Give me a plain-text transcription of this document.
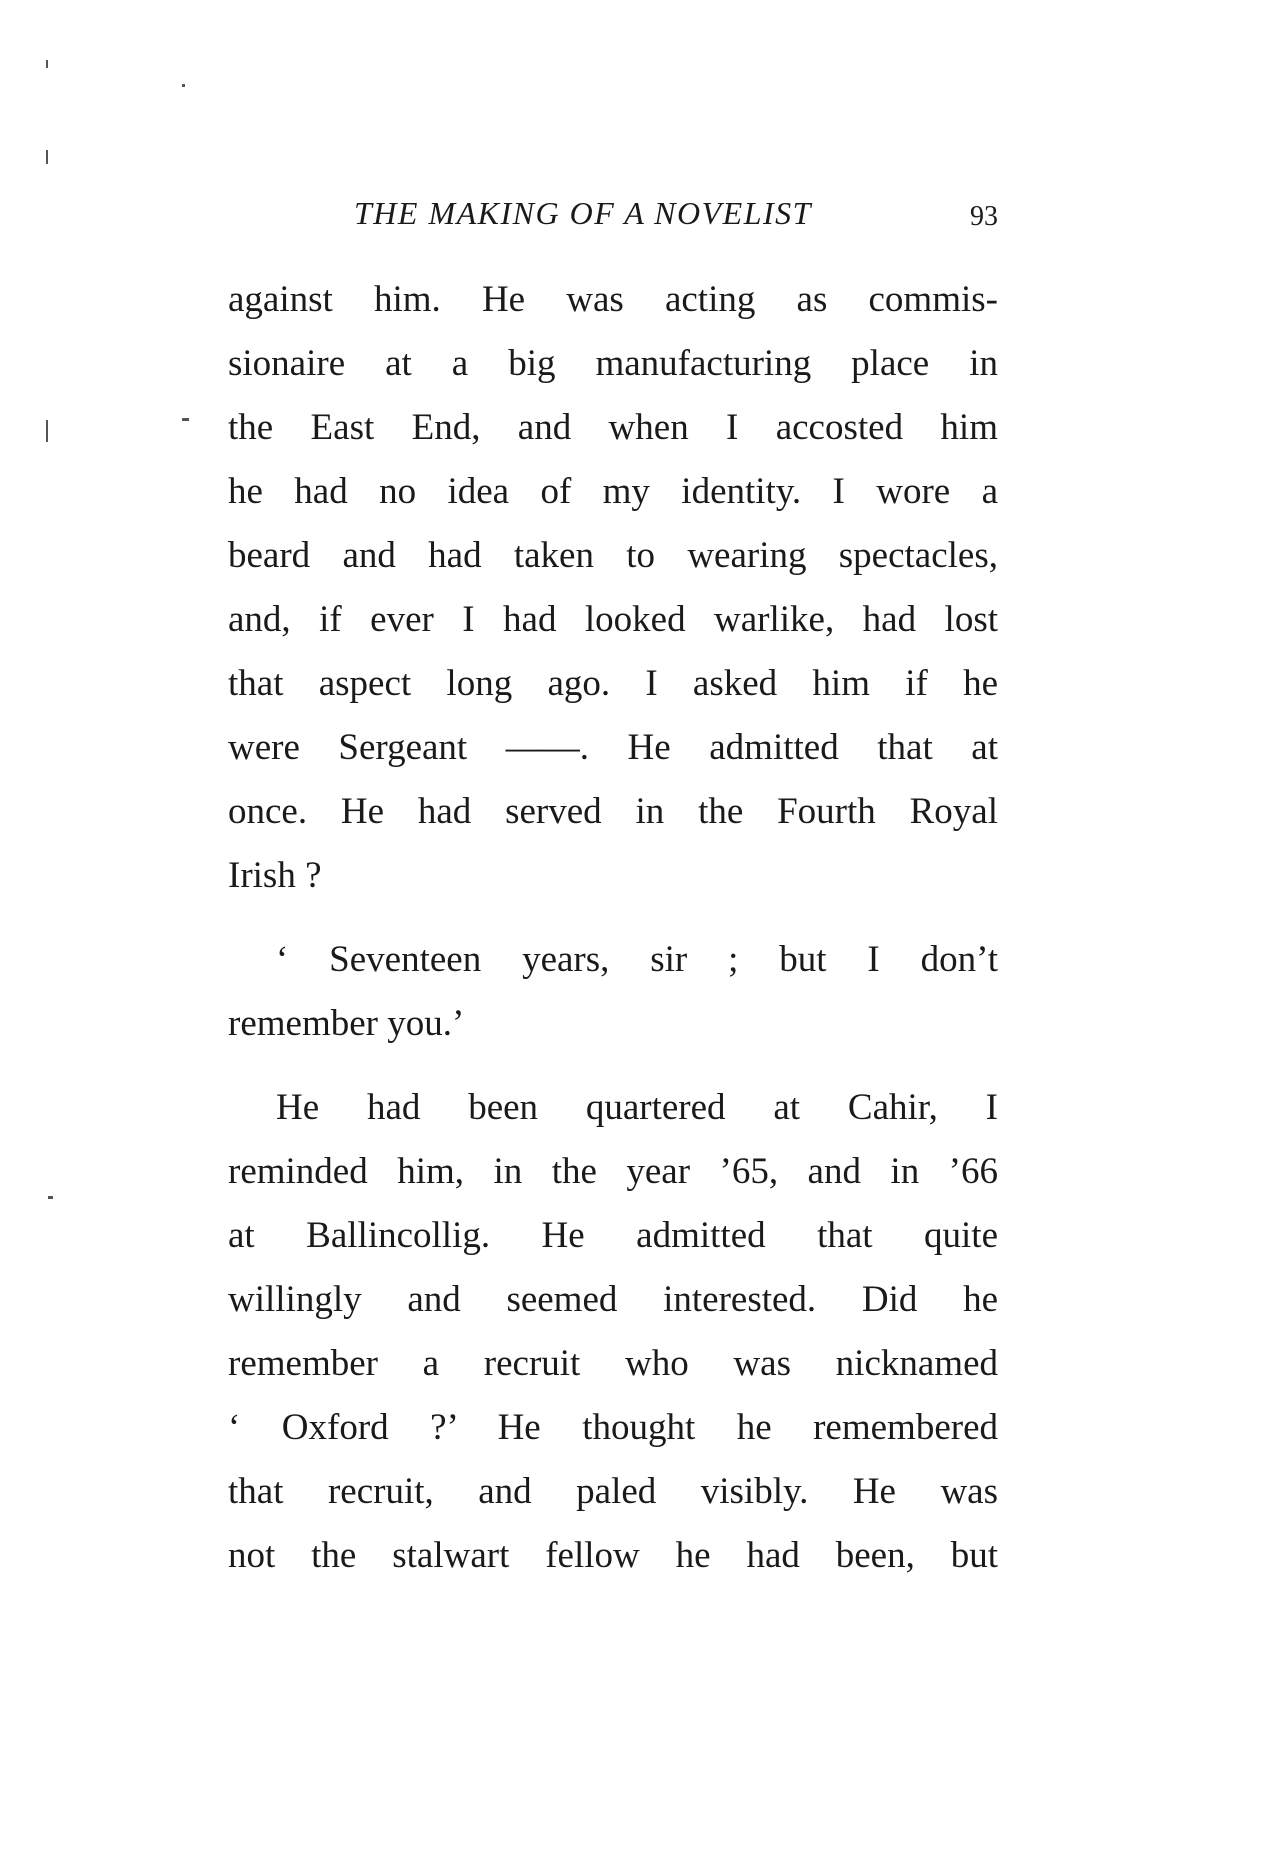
THE MAKING OF A NOVELIST	93
against him. He was acting as commis-
sionaire at a big manufacturing place in
the East End, and when I accosted him
he had no idea of my identity. I wore a
beard and had taken to wearing spectacles,
and, if ever I had looked warlike, had lost
that aspect long ago. I asked him if he
were Sergeant ——. He admitted that at
once. He had served in the Fourth Royal
Irish ?
‘ Seventeen years, sir ; but I don’t
remember you.’
He had been quartered at Cahir, I
reminded him, in the year ’65, and in ’66
at Ballincollig. He admitted that quite
willingly and seemed interested. Did he
remember a recruit who was nicknamed
‘ Oxford ?’ He thought he remembered
that recruit, and paled visibly. He was
not the stalwart fellow he had been, but
